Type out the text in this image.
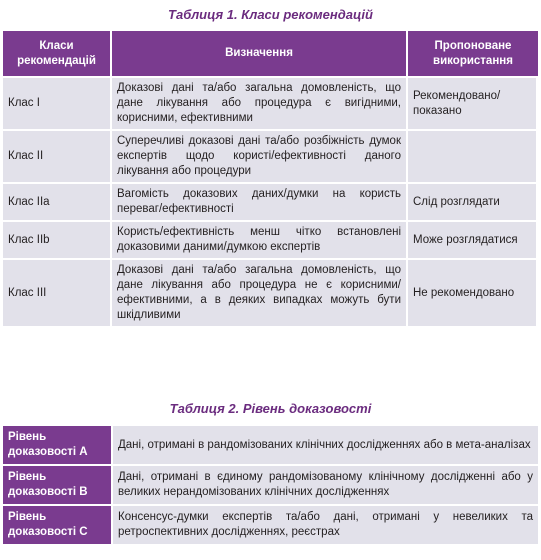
Таблиця 1. Класи рекомендацій
Класи рекомендацій	Визначення	Пропоноване використання
Клас I	Доказові дані та/або загальна домовленість, що дане лікування або процедура є вигідними, корисними, ефективними	Рекомендовано/ показано
Клас II	Суперечливі доказові дані та/або розбіжність думок експертів щодо користі/ефективності даного лікування або процедури	
Клас IIa	Вагомість доказових даних/думки на користь переваг/ефективності	Слід розглядати
Клас IIb	Користь/ефективність менш чітко встановлені доказовими даними/думкою експертів	Може розглядатися
Клас III	Доказові дані та/або загальна домовленість, що дане лікування або процедура не є корисними/ефективними, а в деяких випадках можуть бути шкідливими	Не рекомендовано
Таблиця 2. Рівень доказовості
Рівень доказовості A	Дані, отримані в рандомізованих клінічних дослідженнях або в мета-аналізах
Рівень доказовості B	Дані, отримані в єдиному рандомізованому клінічному дослідженні або у великих нерандомізованих клінічних дослідженнях
Рівень доказовості C	Консенсус-думки експертів та/або дані, отримані у невеликих та ретроспективних дослідженнях, реєстрах
